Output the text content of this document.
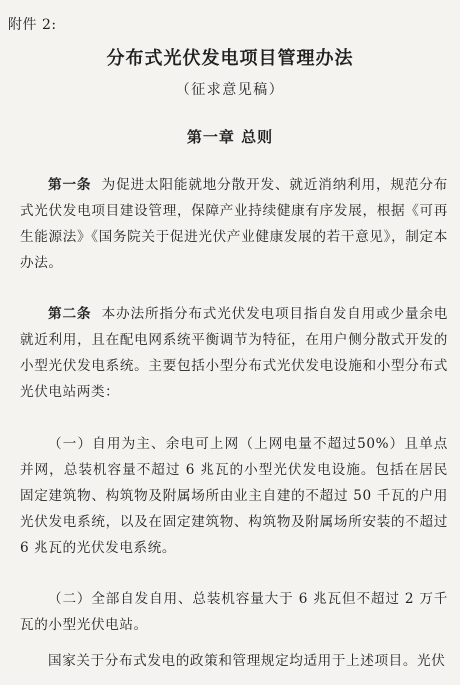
附件 2:
分布式光伏发电项目管理办法
（征求意见稿）
第一章 总则

第一条 为促进太阳能就地分散开发、就近消纳利用，规范分布式光伏发电项目建设管理，保障产业持续健康有序发展，根据《可再生能源法》《国务院关于促进光伏产业健康发展的若干意见》，制定本办法。

第二条 本办法所指分布式光伏发电项目指自发自用或少量余电就近利用，且在配电网系统平衡调节为特征，在用户侧分散式开发的小型光伏发电系统。主要包括小型分布式光伏发电设施和小型分布式光伏电站两类：

（一）自用为主、余电可上网（上网电量不超过50%）且单点并网，总装机容量不超过 6 兆瓦的小型光伏发电设施。包括在居民固定建筑物、构筑物及附属场所由业主自建的不超过 50 千瓦的户用光伏发电系统，以及在固定建筑物、构筑物及附属场所安装的不超过 6 兆瓦的光伏发电系统。

（二）全部自发自用、总装机容量大于 6 兆瓦但不超过 2 万千瓦的小型光伏电站。

国家关于分布式发电的政策和管理规定均适用于上述项目。光伏
